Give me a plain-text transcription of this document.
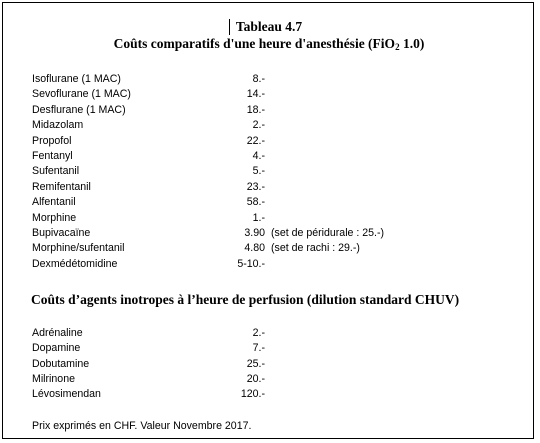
Tableau 4.7
Coûts comparatifs d'une heure d'anesthésie (FiO$_2$ 1.0)
Isoflurane (1 MAC)	8.-
Sevoflurane (1 MAC)	14.-
Desflurane (1 MAC)	18.-
Midazolam	2.-
Propofol	22.-
Fentanyl	4.-
Sufentanil	5.-
Remifentanil	23.-
Alfentanil	58.-
Morphine	1.-
Bupivacaïne	3.90 (set de péridurale : 25.-)
Morphine/sufentanil	4.80 (set de rachi : 29.-)
Dexmédétomidine	5-10.-
Coûts d’agents inotropes à l’heure de perfusion (dilution standard CHUV)
Adrénaline	2.-
Dopamine	7.-
Dobutamine	25.-
Milrinone	20.-
Lévosimendan	120.-
Prix exprimés en CHF. Valeur Novembre 2017.
